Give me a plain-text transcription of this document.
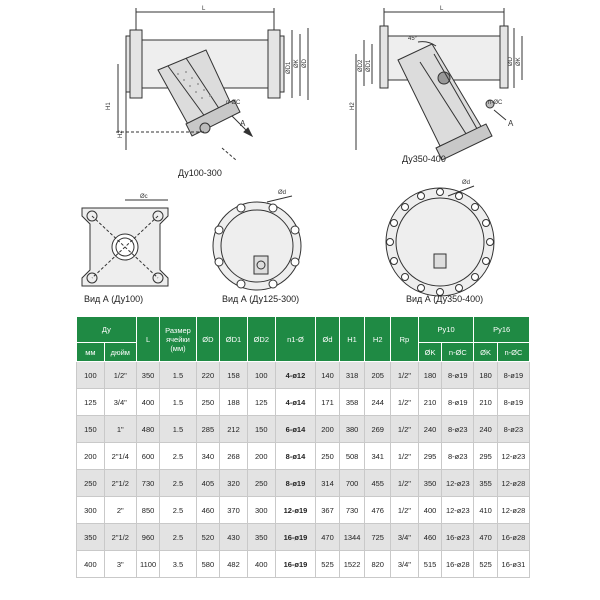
L
H1
H2
ØD1 ØK ØD
n-ØC
A
L
ØD2 ØD1
H2
ØD ØK
45°
n-ØC
A
Øc
Ød
Ød
Ду100-300
Ду350-400
Вид А (Ду100)	Вид А (Ду125-300)	Вид А (Ду350-400)
Ду		L	Размер ячейки (мм)	ØD	ØD1	ØD2	n1-Ø	Ød	H1	H2	Rp	Ру10		Ру16	
мм	дюйм											ØK	n-ØC	ØK	n-ØC
100	1/2"	350	1.5	220	158	100	4-ø12	140	318	205	1/2"	180	8-ø19	180	8-ø19
125	3/4"	400	1.5	250	188	125	4-ø14	171	358	244	1/2"	210	8-ø19	210	8-ø19
150	1"	480	1.5	285	212	150	6-ø14	200	380	269	1/2"	240	8-ø23	240	8-ø23
200	2"1/4	600	2.5	340	268	200	8-ø14	250	508	341	1/2"	295	8-ø23	295	12-ø23
250	2"1/2	730	2.5	405	320	250	8-ø19	314	700	455	1/2"	350	12-ø23	355	12-ø28
300	2"	850	2.5	460	370	300	12-ø19	367	730	476	1/2"	400	12-ø23	410	12-ø28
350	2"1/2	960	2.5	520	430	350	16-ø19	470	1344	725	3/4"	460	16-ø23	470	16-ø28
400	3"	1100	3.5	580	482	400	16-ø19	525	1522	820	3/4"	515	16-ø28	525	16-ø31
